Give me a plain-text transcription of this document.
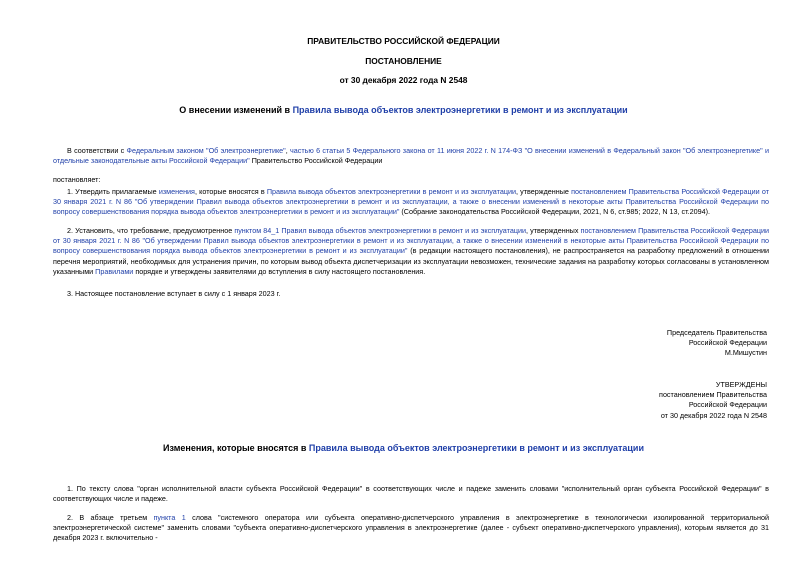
ПРАВИТЕЛЬСТВО РОССИЙСКОЙ ФЕДЕРАЦИИ
ПОСТАНОВЛЕНИЕ
от 30 декабря 2022 года N 2548
О внесении изменений в Правила вывода объектов электроэнергетики в ремонт и из эксплуатации
В соответствии с Федеральным законом "Об электроэнергетике", частью 6 статьи 5 Федерального закона от 11 июня 2022 г. N 174-ФЗ "О внесении изменений в Федеральный закон "Об электроэнергетике" и отдельные законодательные акты Российской Федерации" Правительство Российской Федерации
постановляет:
1. Утвердить прилагаемые изменения, которые вносятся в Правила вывода объектов электроэнергетики в ремонт и из эксплуатации, утвержденные постановлением Правительства Российской Федерации от 30 января 2021 г. N 86 "Об утверждении Правил вывода объектов электроэнергетики в ремонт и из эксплуатации, а также о внесении изменений в некоторые акты Правительства Российской Федерации по вопросу совершенствования порядка вывода объектов электроэнергетики в ремонт и из эксплуатации" (Собрание законодательства Российской Федерации, 2021, N 6, ст.985; 2022, N 13, ст.2094).
2. Установить, что требование, предусмотренное пунктом 84_1 Правил вывода объектов электроэнергетики в ремонт и из эксплуатации, утвержденных постановлением Правительства Российской Федерации от 30 января 2021 г. N 86 "Об утверждении Правил вывода объектов электроэнергетики в ремонт и из эксплуатации, а также о внесении изменений в некоторые акты Правительства Российской Федерации по вопросу совершенствования порядка вывода объектов электроэнергетики в ремонт и из эксплуатации" (в редакции настоящего постановления), не распространяется на разработку предложений в отношении перечня мероприятий, необходимых для устранения причин, по которым вывод объекта диспетчеризации из эксплуатации невозможен, технические задания на разработку которых согласованы в установленном указанными Правилами порядке и утверждены заявителями до вступления в силу настоящего постановления.
3. Настоящее постановление вступает в силу с 1 января 2023 г.
Председатель Правительства
Российской Федерации
М.Мишустин
УТВЕРЖДЕНЫ
постановлением Правительства
Российской Федерации
от 30 декабря 2022 года N 2548
Изменения, которые вносятся в Правила вывода объектов электроэнергетики в ремонт и из эксплуатации
1. По тексту слова "орган исполнительной власти субъекта Российской Федерации" в соответствующих числе и падеже заменить словами "исполнительный орган субъекта Российской Федерации" в соответствующих числе и падеже.
2. В абзаце третьем пункта 1 слова "системного оператора или субъекта оперативно-диспетчерского управления в электроэнергетике в технологически изолированной территориальной электроэнергетической системе" заменить словами "субъекта оперативно-диспетчерского управления в электроэнергетике (далее - субъект оперативно-диспетчерского управления), которым является до 31 декабря 2023 г. включительно -
